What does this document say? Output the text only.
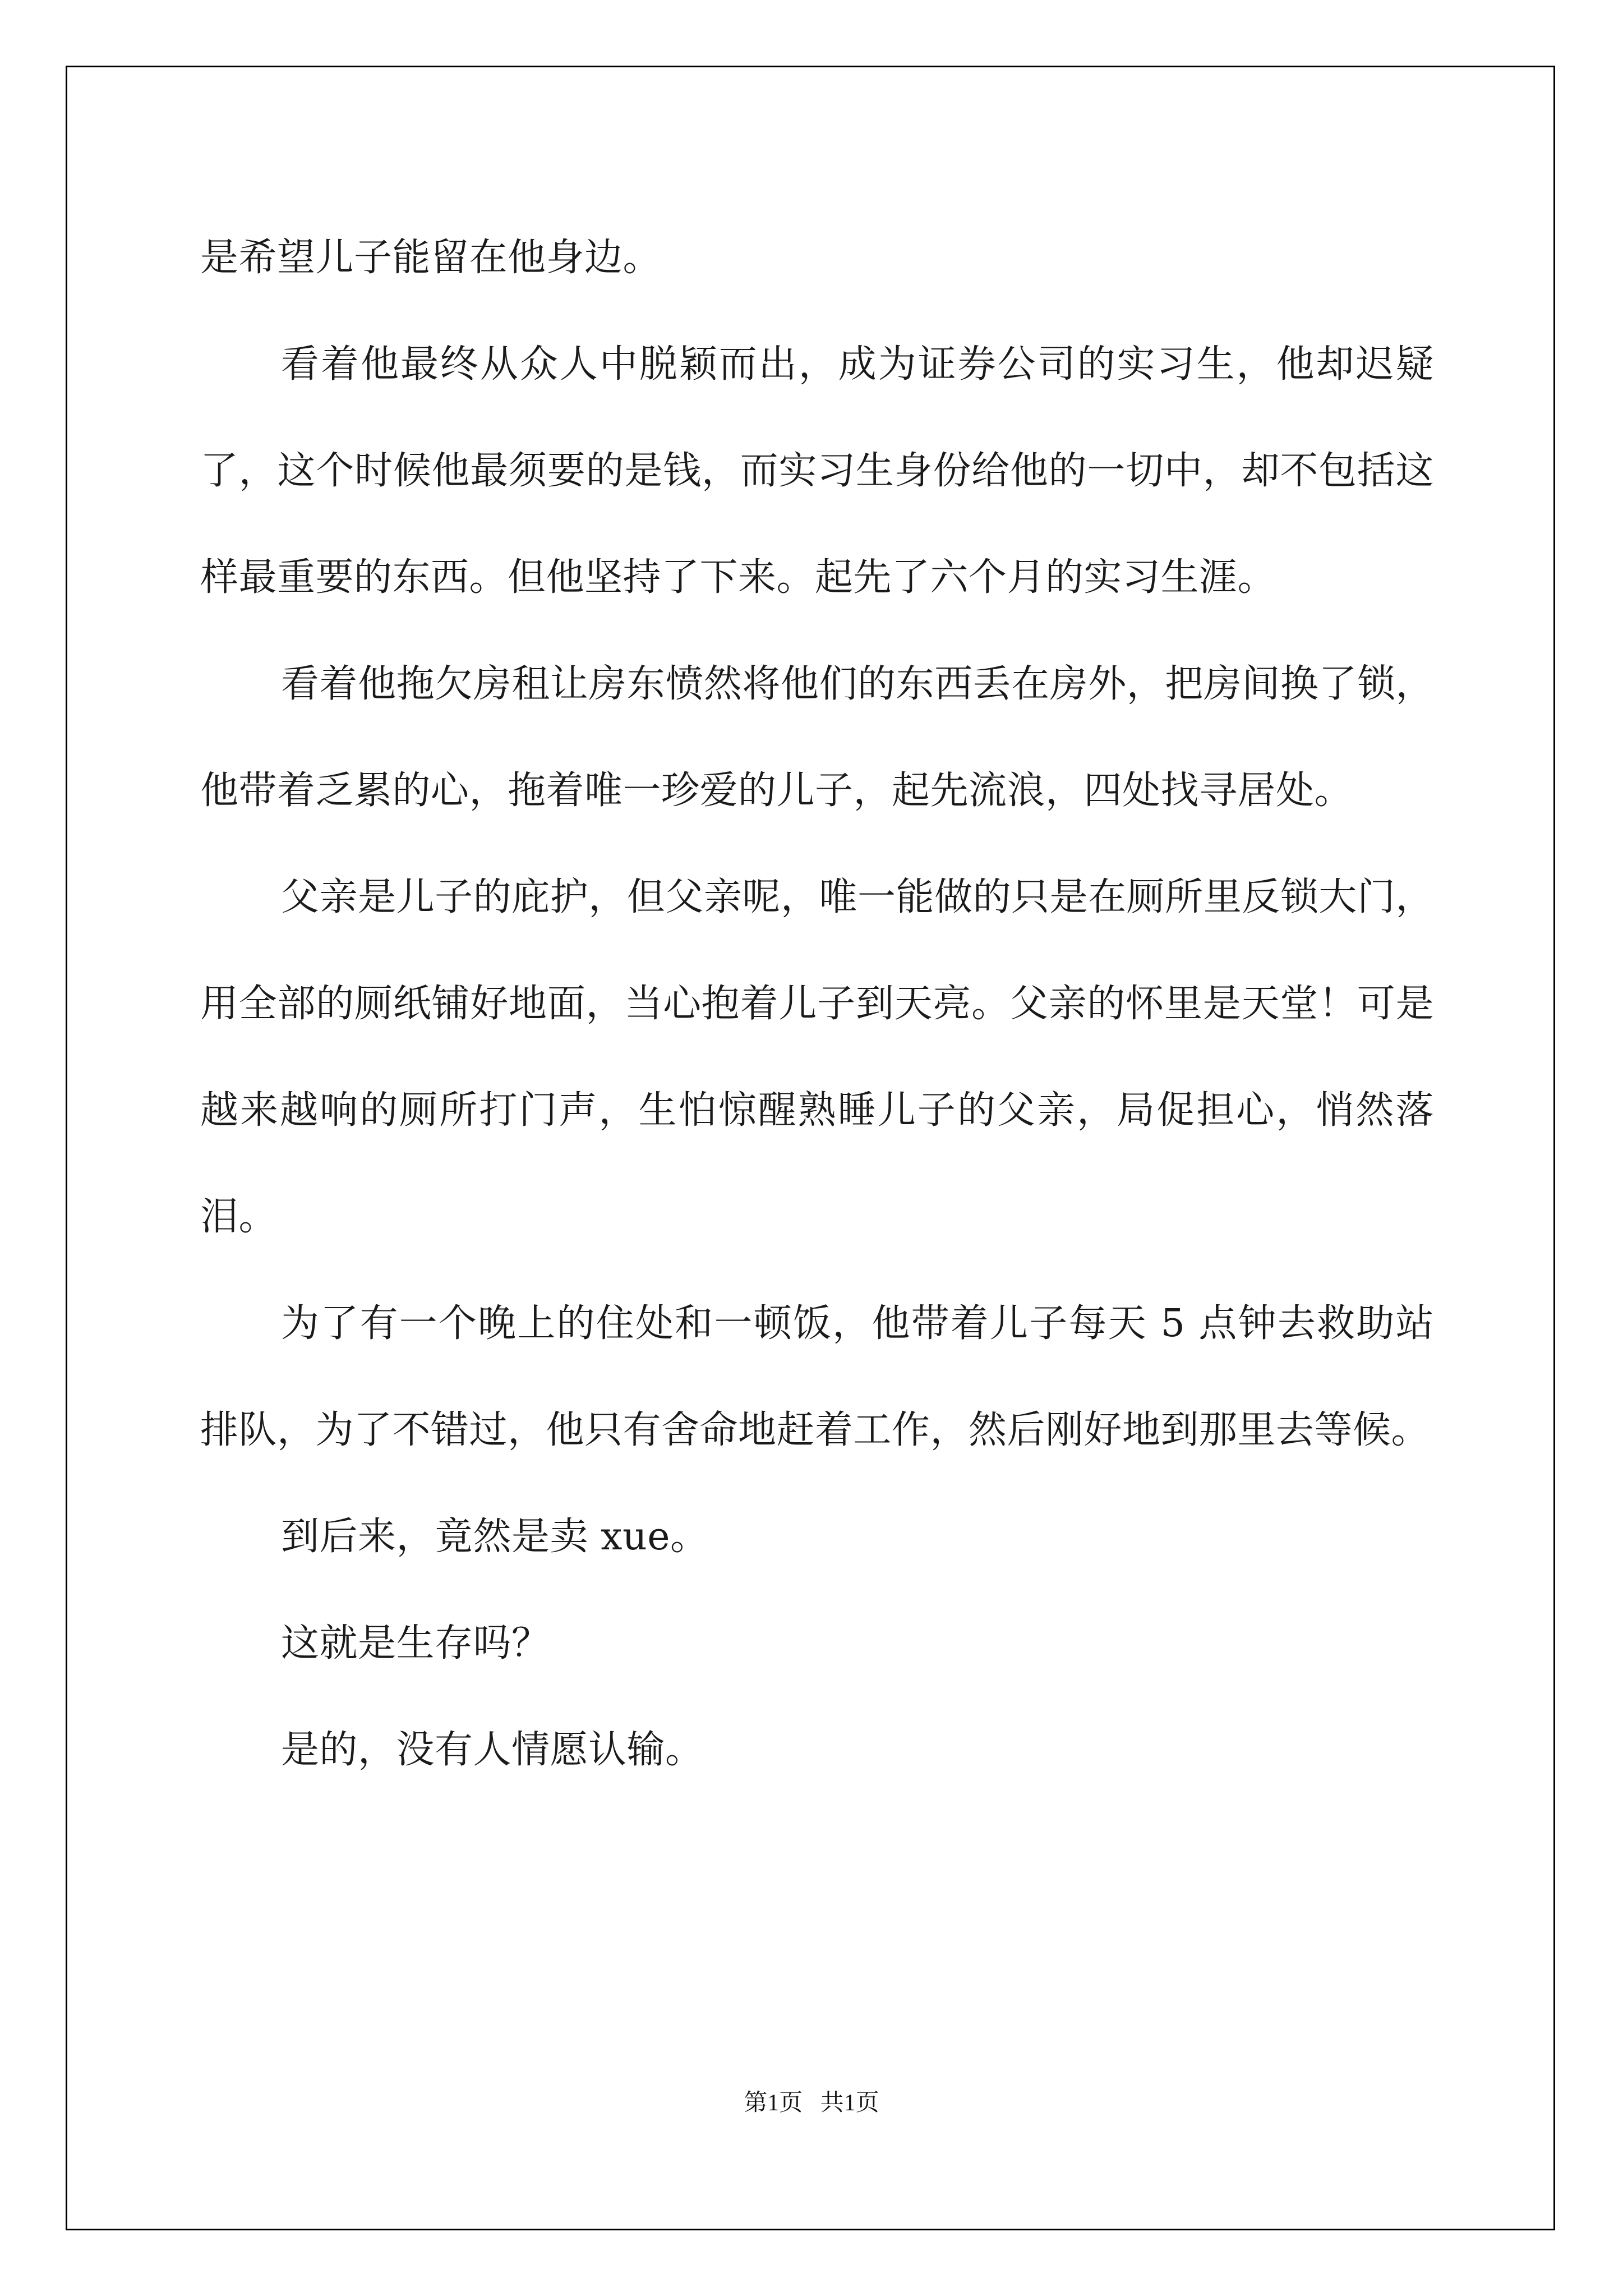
是希望儿子能留在他身边。

看着他最终从众人中脱颖而出，成为证券公司的实习生，他却迟疑了，这个时候他最须要的是钱，而实习生身份给他的一切中，却不包括这样最重要的东西。但他坚持了下来。起先了六个月的实习生涯。

看着他拖欠房租让房东愤然将他们的东西丢在房外，把房间换了锁，他带着乏累的心，拖着唯一珍爱的儿子，起先流浪，四处找寻居处。

父亲是儿子的庇护，但父亲呢，唯一能做的只是在厕所里反锁大门，用全部的厕纸铺好地面，当心抱着儿子到天亮。父亲的怀里是天堂！可是越来越响的厕所打门声，生怕惊醒熟睡儿子的父亲，局促担心，悄然落泪。

为了有一个晚上的住处和一顿饭，他带着儿子每天 5 点钟去救助站排队，为了不错过，他只有舍命地赶着工作，然后刚好地到那里去等候。

到后来，竟然是卖 xue。

这就是生存吗？

是的，没有人情愿认输。

第1页   共1页
